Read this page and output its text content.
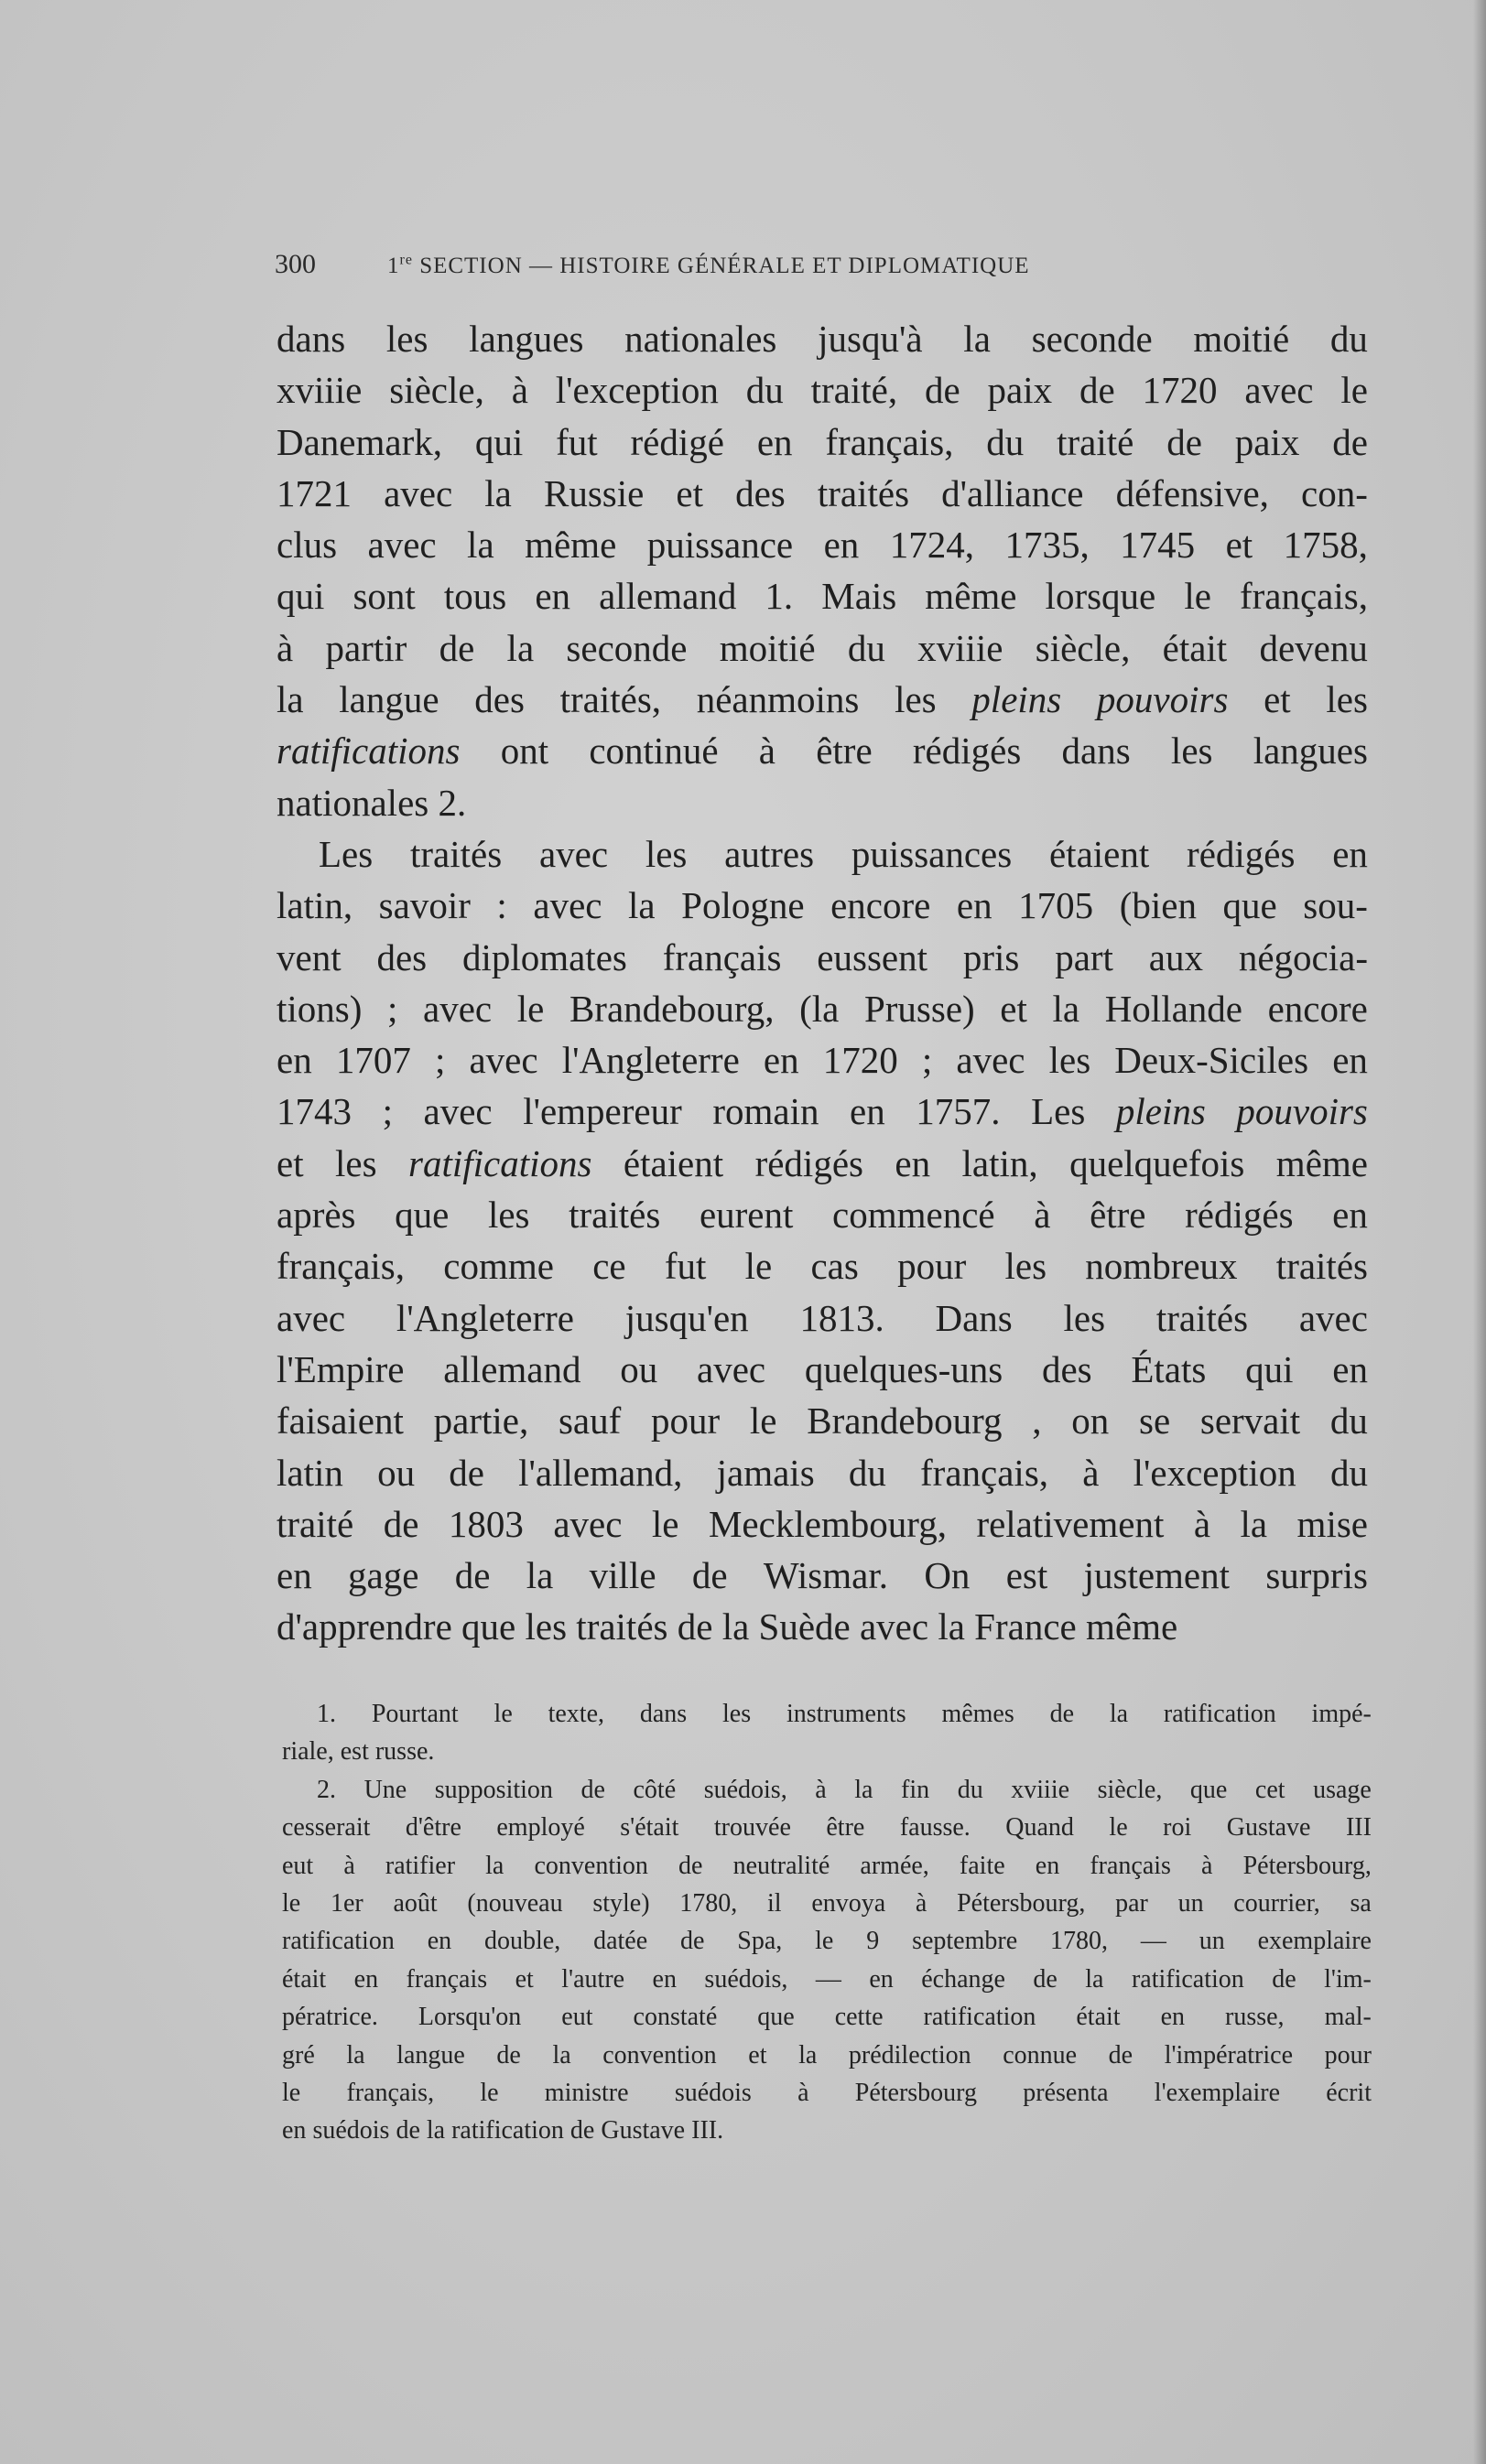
300	1re SECTION — HISTOIRE GÉNÉRALE ET DIPLOMATIQUE
dans les langues nationales jusqu'à la seconde moitié du
xviiie siècle, à l'exception du traité, de paix de 1720 avec le
Danemark, qui fut rédigé en français, du traité de paix de
1721 avec la Russie et des traités d'alliance défensive, con-
clus avec la même puissance en 1724, 1735, 1745 et 1758,
qui sont tous en allemand 1. Mais même lorsque le français,
à partir de la seconde moitié du xviiie siècle, était devenu
la langue des traités, néanmoins les pleins pouvoirs et les
ratifications ont continué à être rédigés dans les langues
nationales
2.
Les traités avec les autres puissances étaient rédigés en
latin, savoir : avec la Pologne encore en 1705 (bien que sou-
vent des diplomates français eussent pris part aux négocia-
tions) ; avec le Brandebourg, (la Prusse) et la Hollande encore
en 1707 ; avec l'Angleterre en 1720 ; avec les Deux-Siciles en
1743 ; avec l'empereur romain en 1757. Les pleins pouvoirs
et les ratifications étaient rédigés en latin, quelquefois même
après que les traités eurent commencé à être rédigés en
français, comme ce fut le cas pour les nombreux traités
avec l'Angleterre jusqu'en 1813. Dans les traités avec
l'Empire allemand ou avec quelques-uns des États qui en
faisaient partie, sauf pour le Brandebourg , on se servait du
latin ou de l'allemand, jamais du français, à l'exception du
traité de 1803 avec le Mecklembourg, relativement à la mise
en gage de la ville de Wismar. On est justement surpris
d'apprendre
que
les
traités
de
la
Suède
avec
la
France
même
1. Pourtant le texte, dans les instruments mêmes de la ratification impé-
riale,
est
russe.
2. Une supposition de côté suédois, à la fin du xviiie siècle, que cet usage
cesserait d'être employé s'était trouvée être fausse. Quand le roi Gustave III
eut à ratifier la convention de neutralité armée, faite en français à Pétersbourg,
le 1er août (nouveau style) 1780, il envoya à Pétersbourg, par un courrier, sa
ratification en double, datée de Spa, le 9 septembre 1780, — un exemplaire
était en français et l'autre en suédois, — en échange de la ratification de l'im-
pératrice. Lorsqu'on eut constaté que cette ratification était en russe, mal-
gré la langue de la convention et la prédilection connue de l'impératrice pour
le français, le ministre suédois à Pétersbourg présenta l'exemplaire écrit
en
suédois
de
la
ratification
de
Gustave
III.
